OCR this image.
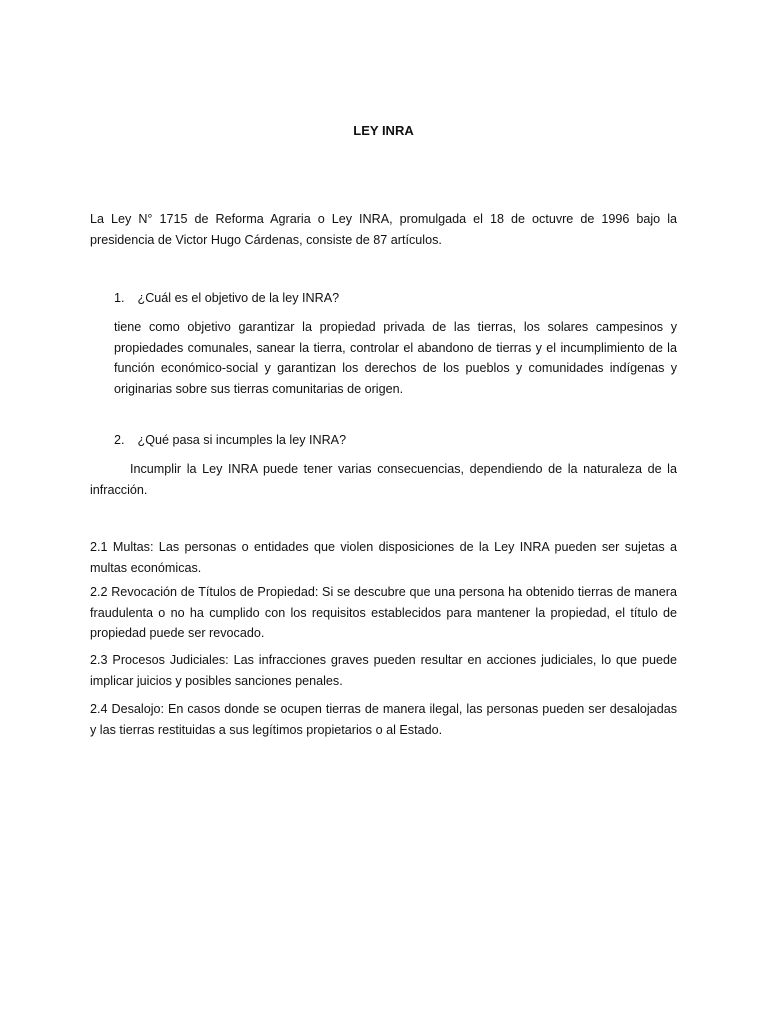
LEY INRA

La Ley N° 1715 de Reforma Agraria o Ley INRA, promulgada el 18 de octuvre de 1996 bajo la presidencia de Victor Hugo Cárdenas, consiste de 87 artículos.

1. ¿Cuál es el objetivo de la ley INRA?

tiene como objetivo garantizar la propiedad privada de las tierras, los solares campesinos y propiedades comunales, sanear la tierra, controlar el abandono de tierras y el incumplimiento de la función económico-social y garantizan los derechos de los pueblos y comunidades indígenas y originarias sobre sus tierras comunitarias de origen.

2. ¿Qué pasa si incumples la ley INRA?

Incumplir la Ley INRA puede tener varias consecuencias, dependiendo de la naturaleza de la infracción.

2.1 Multas: Las personas o entidades que violen disposiciones de la Ley INRA pueden ser sujetas a multas económicas.

2.2 Revocación de Títulos de Propiedad: Si se descubre que una persona ha obtenido tierras de manera fraudulenta o no ha cumplido con los requisitos establecidos para mantener la propiedad, el título de propiedad puede ser revocado.

2.3 Procesos Judiciales: Las infracciones graves pueden resultar en acciones judiciales, lo que puede implicar juicios y posibles sanciones penales.

2.4 Desalojo: En casos donde se ocupen tierras de manera ilegal, las personas pueden ser desalojadas y las tierras restituidas a sus legítimos propietarios o al Estado.
